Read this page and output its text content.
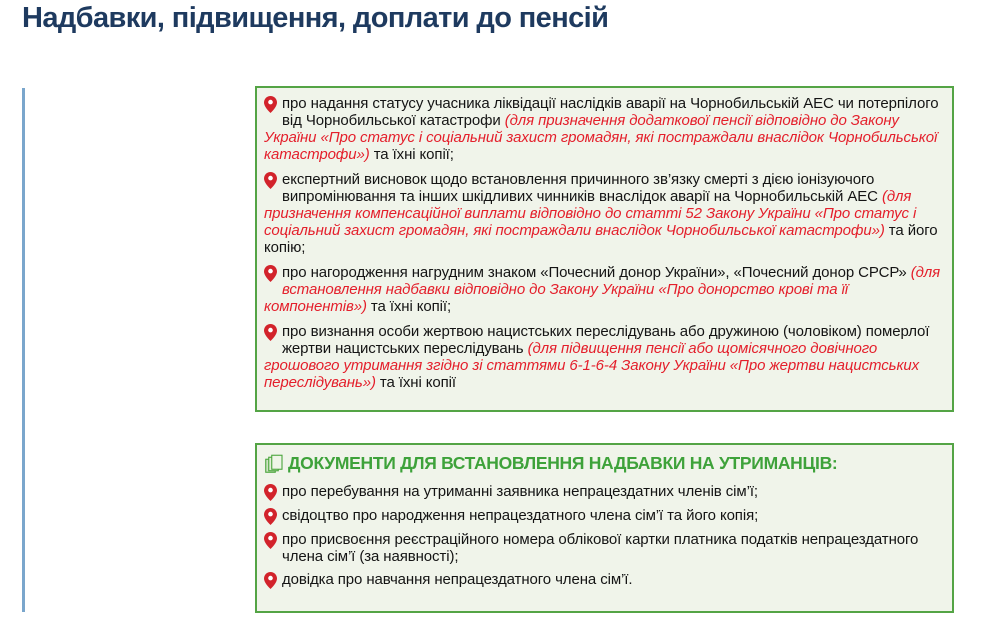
Надбавки, підвищення, доплати до пенсій
про надання статусу учасника ліквідації наслідків аварії на Чорнобильській АЕС чи потерпілого від Чорнобильської катастрофи (для призначення додаткової пенсії відповідно до Закону України «Про статус і соціальний захист громадян, які постраждали внаслідок Чорнобильської катастрофи») та їхні копії;
експертний висновок щодо встановлення причинного зв’язку смерті з дією іонізуючого випромінювання та інших шкідливих чинників внаслідок аварії на Чорнобильській АЕС (для призначення компенсаційної виплати відповідно до статті 52 Закону України «Про статус і соціальний захист громадян, які постраждали внаслідок Чорнобильської катастрофи») та його копію;
про нагородження нагрудним знаком «Почесний донор України», «Почесний донор СРСР» (для встановлення надбавки відповідно до Закону України «Про донорство крові та її компонентів») та їхні копії;
про визнання особи жертвою нацистських переслідувань або дружиною (чоловіком) померлої жертви нацистських переслідувань (для підвищення пенсії або щомісячного довічного грошового утримання згідно зі статтями 6-1-6-4 Закону України «Про жертви нацистських переслідувань») та їхні копії
ДОКУМЕНТИ ДЛЯ ВСТАНОВЛЕННЯ НАДБАВКИ НА УТРИМАНЦІВ:
про перебування на утриманні заявника непрацездатних членів сім’ї;
свідоцтво про народження непрацездатного члена сім’ї та його копія;
про присвоєння реєстраційного номера облікової картки платника податків непрацездатного члена сім’ї (за наявності);
довідка про навчання непрацездатного члена сім’ї.
